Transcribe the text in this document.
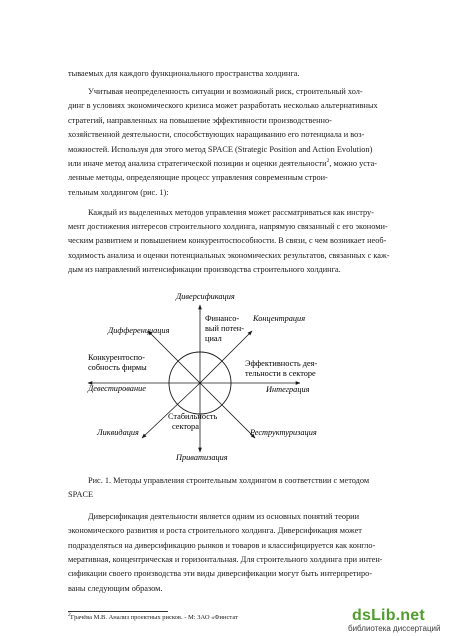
тываемых для каждого функционального пространства холдинга.
Учитывая неопределенность ситуации и возможный риск, строительный хол-
динг в условиях экономического кризиса может разработать несколько альтернативных
стратегий, направленных на повышение эффективности производственно-
хозяйственной деятельности, способствующих наращиванию его потенциала и воз-
можностей. Используя для этого метод SPACE (Strategic Position and Action Evolution)
или иначе метод анализа стратегической позиции и оценки деятельности$^2$, можно уста-
ленные методы, определяющие процесс управления современным строи-
тельным холдингом (рис. 1):
Каждый из выделенных методов управления может рассматриваться как инстру-
мент достижения интересов строительного холдинга, напрямую связанный с его экономи-
ческим развитием и повышением конкурентоспособности. В связи, с чем возникает необ-
ходимость анализа и оценки потенциальных экономических результатов, связанных с каж-
дым из направлений интенсификации производства строительного холдинга.
Диверсификация
Финансо-
вый потен-
циал
Концентрация
Дифференциация
Конкурентоспо-
собность фирмы
Девестирование
Эффективность дея-
тельности в секторе
Интеграция
Ликвидация
Стабильность
сектора
Реструктуризация
Приватизация
Рис. 1. Методы управления строительным холдингом в соответствии с методом
SPACE
Диверсификация деятельности является одним из основных понятий теории
экономического развития и роста строительного холдинга. Диверсификация может
подразделяться на диверсификацию рынков и товаров и классифицируется как конгло-
меративная, концентрическая и горизонтальная. Для строительного холдинга при интен-
сификации своего производства эти виды диверсификации могут быть интерпретиро-
ваны следующим образом.
$^2$Грачёва М.В. Анализ проектных рисков. - М: ЗАО «Финстат	dsLib.net
библиотека диссертаций
